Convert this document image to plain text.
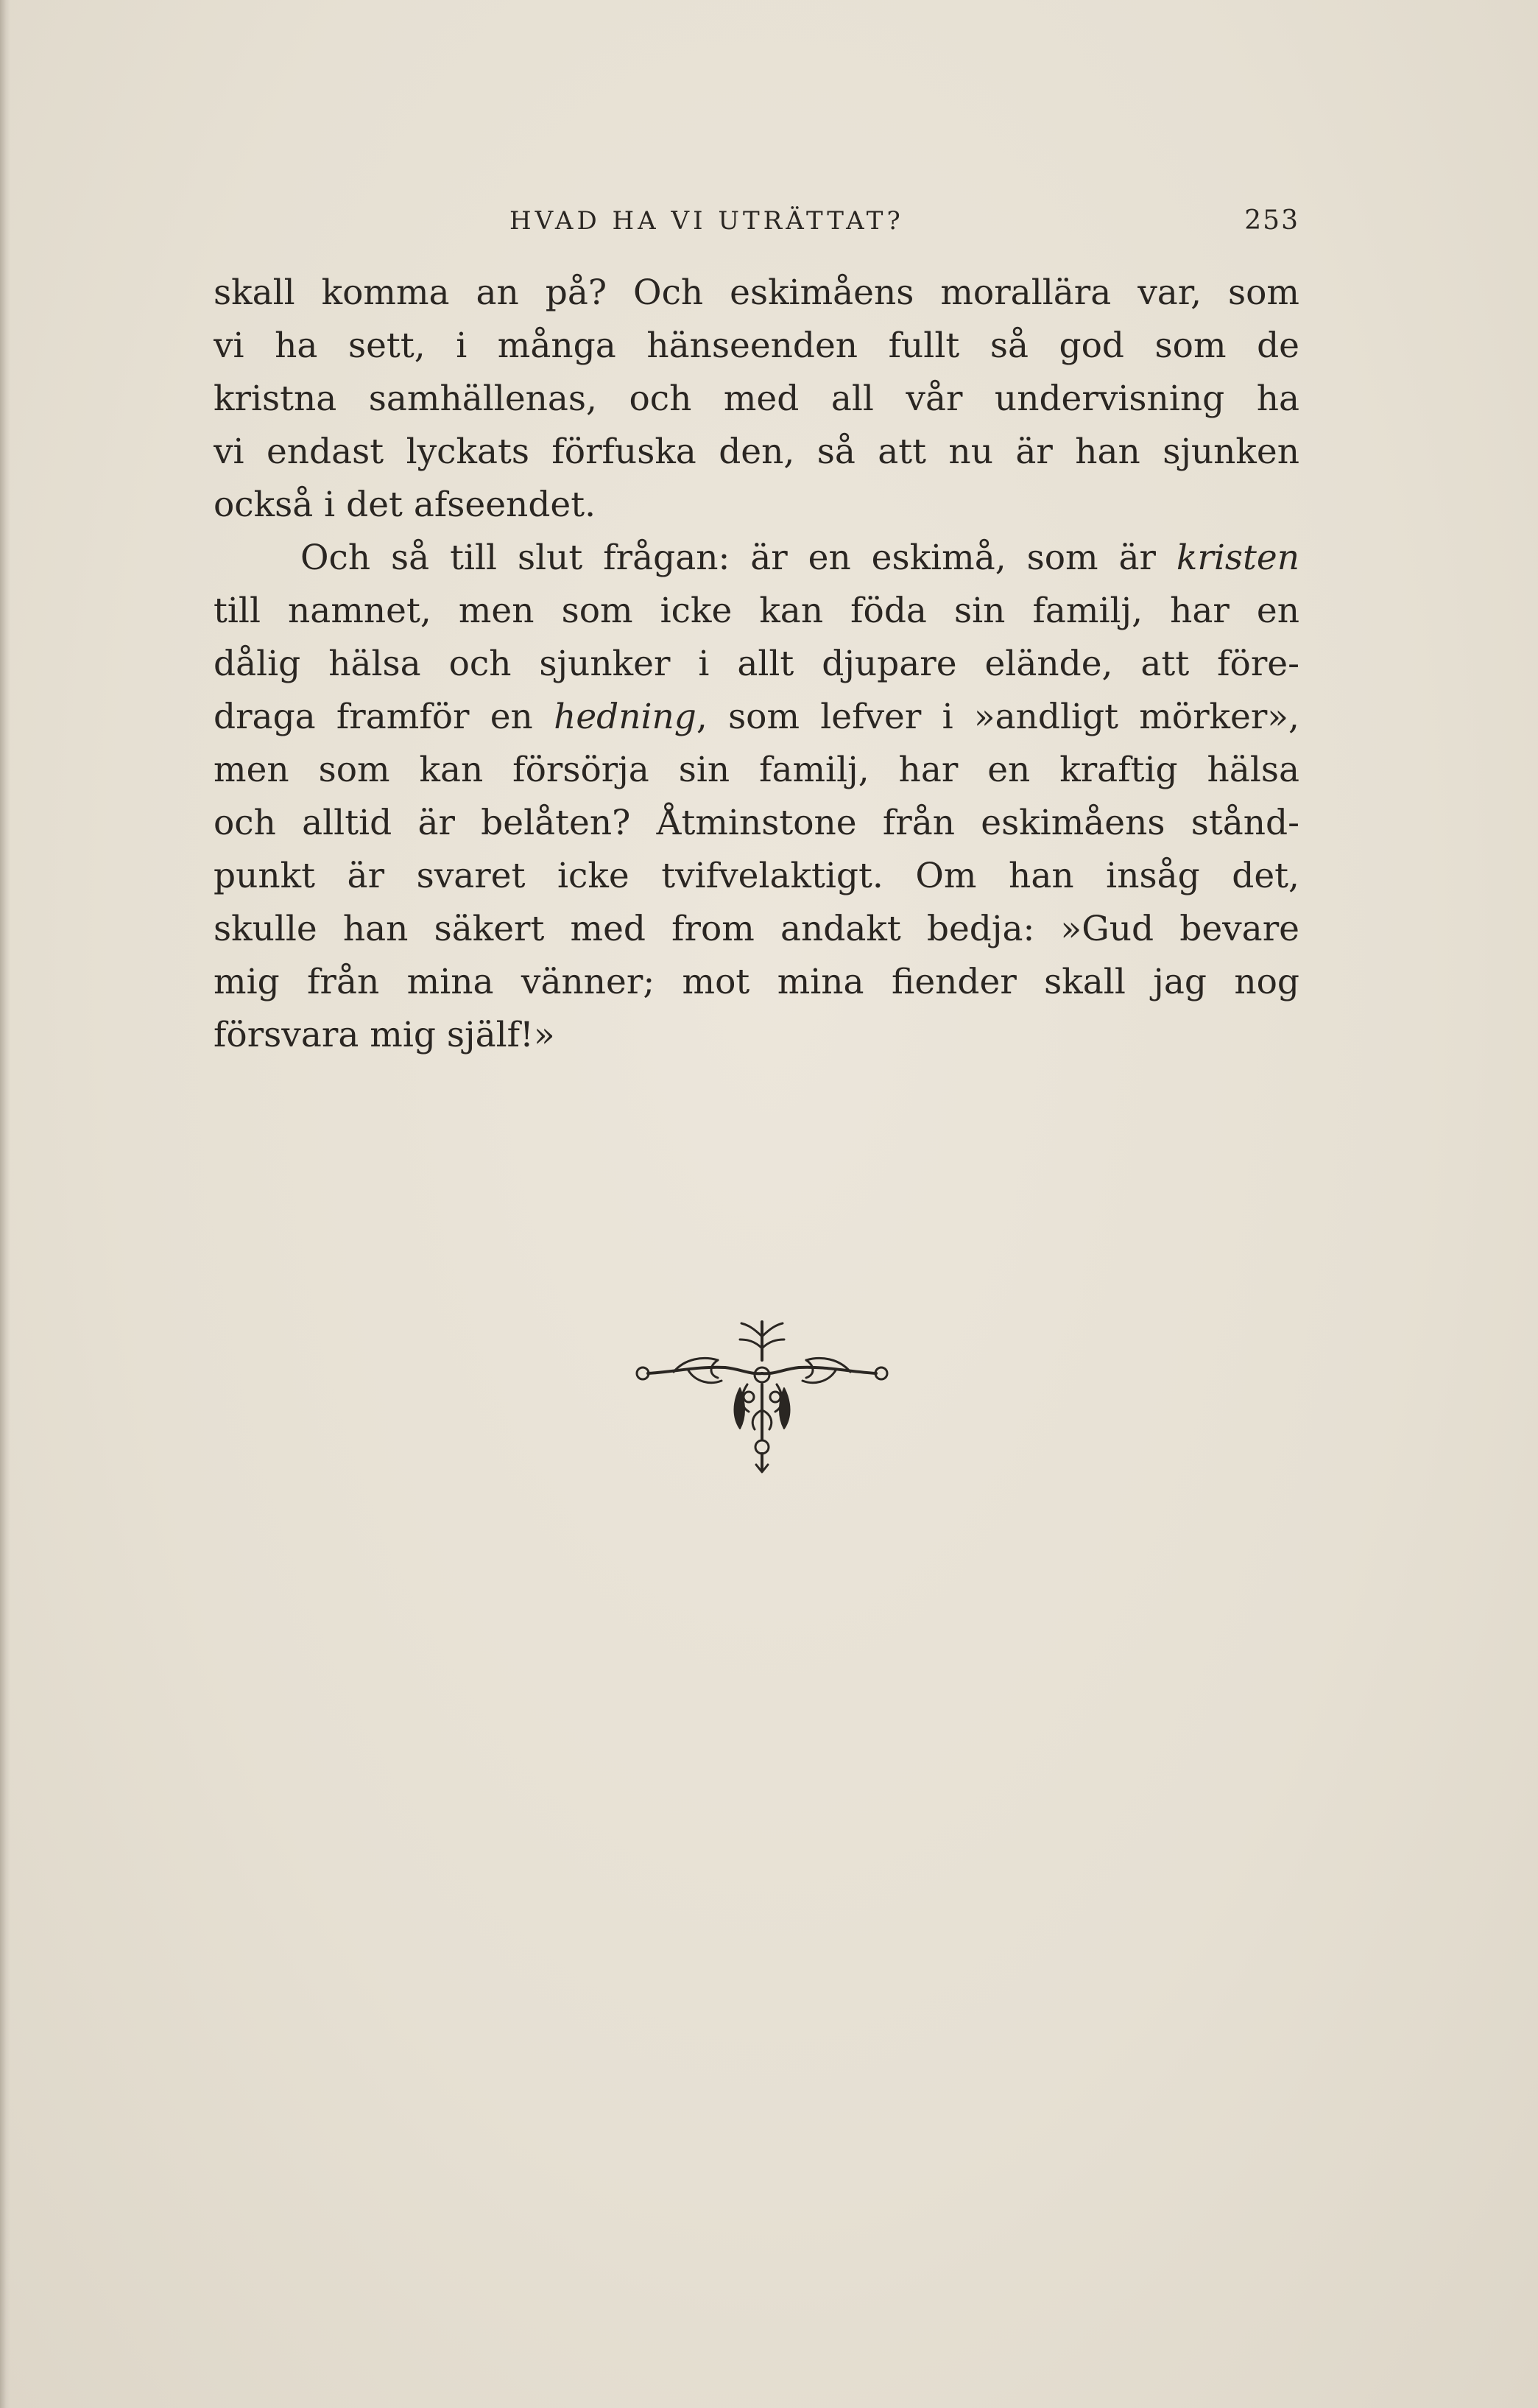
HVAD HA VI UTRÄTTAT?	253
skall komma an på? Och eskimåens morallära var, som
vi ha sett, i många hänseenden fullt så god som de
kristna samhällenas, och med all vår undervisning ha
vi endast lyckats förfuska den, så att nu är han sjunken
också i det afseendet.
Och så till slut frågan: är en eskimå, som är kristen
till namnet, men som icke kan föda sin familj, har en
dålig hälsa och sjunker i allt djupare elände, att före-
draga framför en hedning, som lefver i »andligt mörker»,
men som kan försörja sin familj, har en kraftig hälsa
och alltid är belåten? Åtminstone från eskimåens stånd-
punkt är svaret icke tvifvelaktigt. Om han insåg det,
skulle han säkert med from andakt bedja: »Gud bevare
mig från mina vänner; mot mina fiender skall jag nog
försvara mig själf!»
